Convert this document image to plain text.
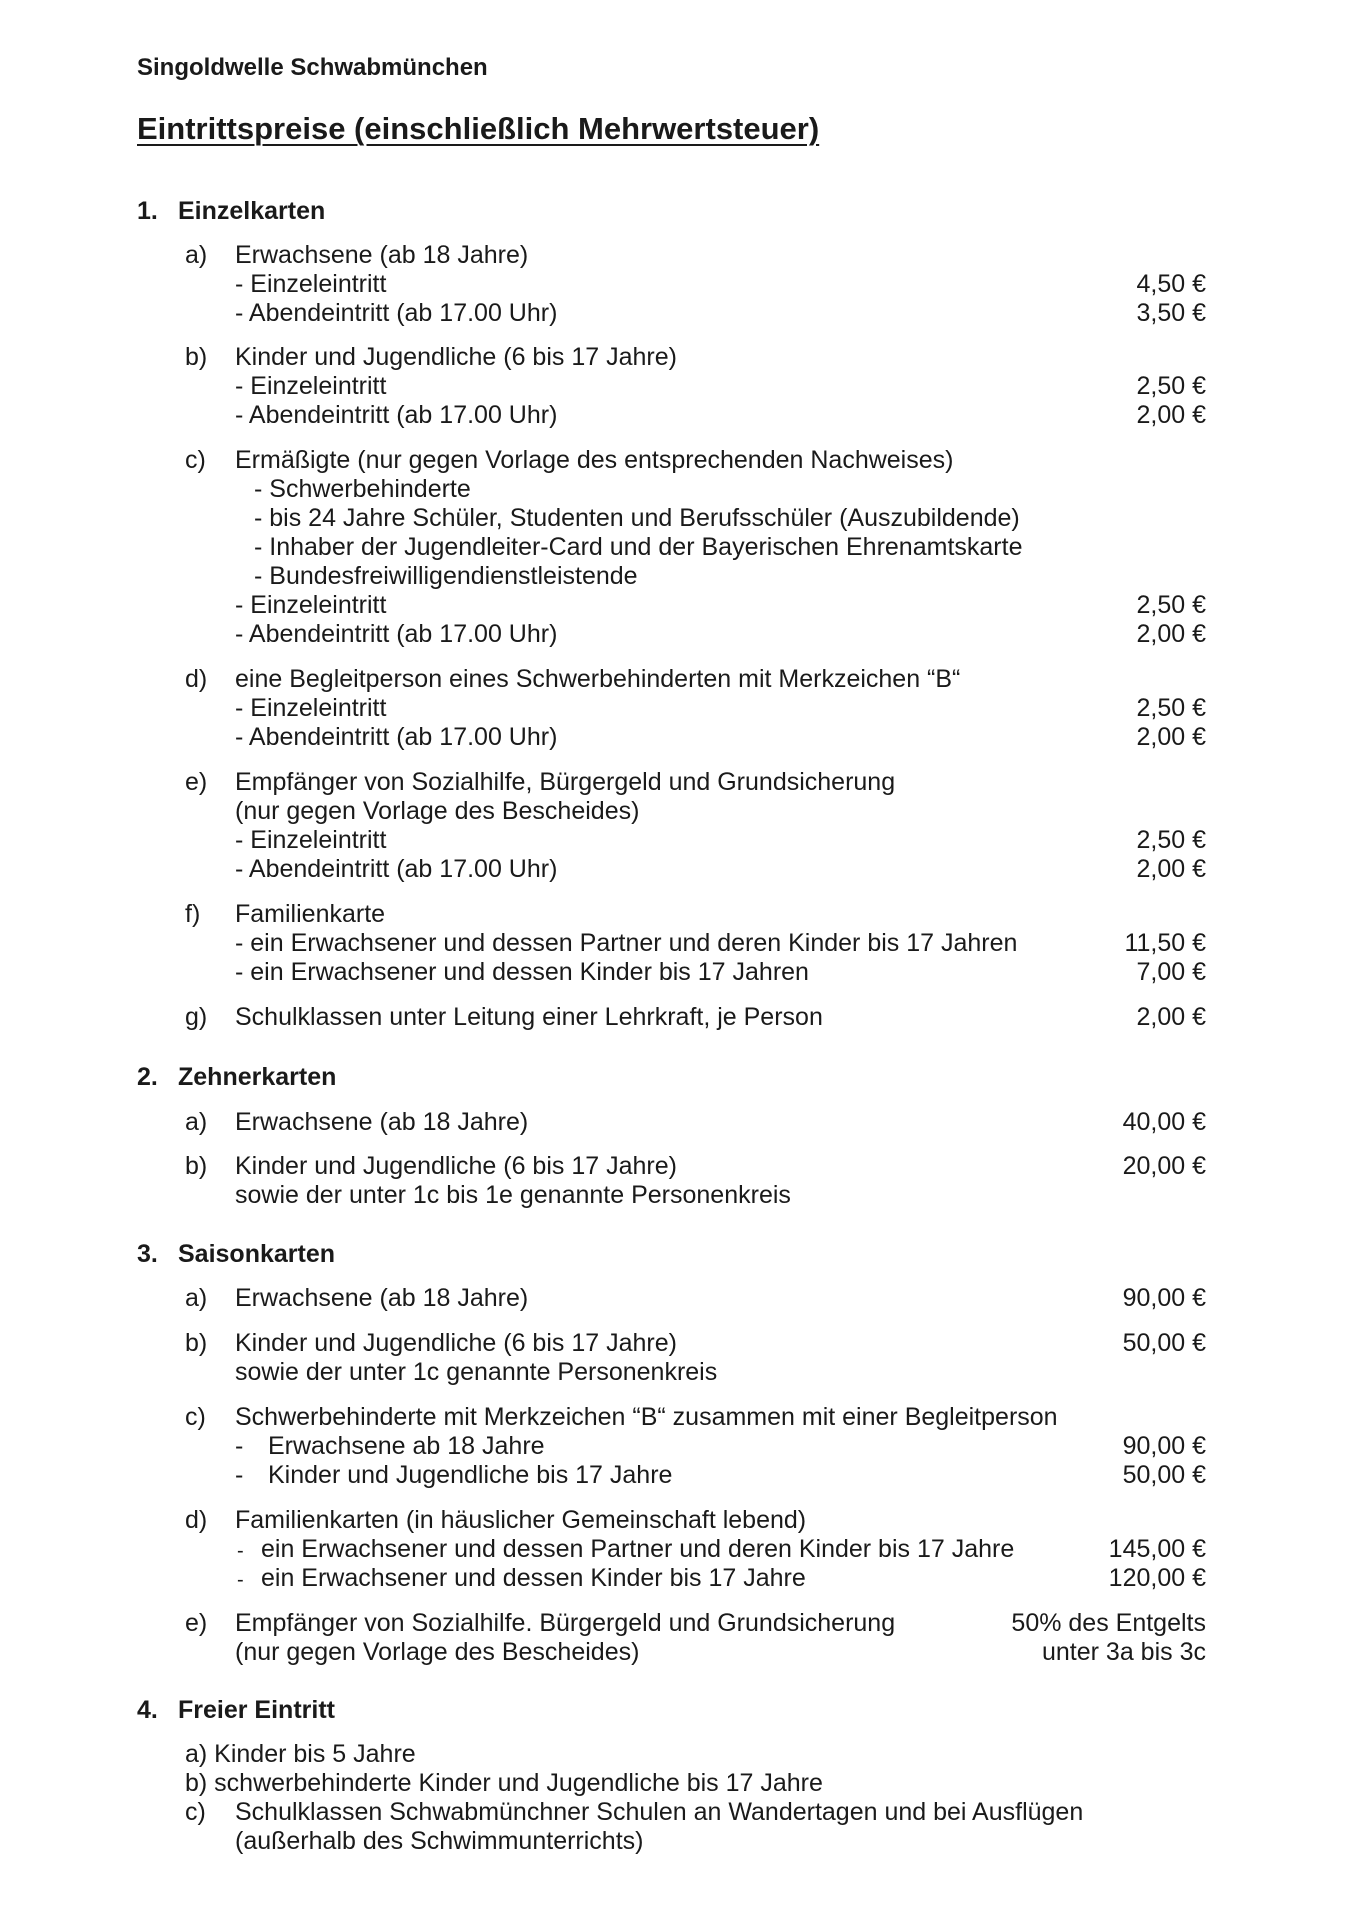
Singoldwelle Schwabmünchen
Eintrittspreise (einschließlich Mehrwertsteuer)
1. Einzelkarten
a) Erwachsene (ab 18 Jahre)
- Einzeleintritt	4,50 €
- Abendeintritt (ab 17.00 Uhr)	3,50 €
b) Kinder und Jugendliche (6 bis 17 Jahre)
- Einzeleintritt	2,50 €
- Abendeintritt (ab 17.00 Uhr)	2,00 €
c) Ermäßigte (nur gegen Vorlage des entsprechenden Nachweises)
- Schwerbehinderte
- bis 24 Jahre Schüler, Studenten und Berufsschüler (Auszubildende)
- Inhaber der Jugendleiter-Card und der Bayerischen Ehrenamtskarte
- Bundesfreiwilligendienstleistende
- Einzeleintritt	2,50 €
- Abendeintritt (ab 17.00 Uhr)	2,00 €
d) eine Begleitperson eines Schwerbehinderten mit Merkzeichen “B“
- Einzeleintritt	2,50 €
- Abendeintritt (ab 17.00 Uhr)	2,00 €
e) Empfänger von Sozialhilfe, Bürgergeld und Grundsicherung
(nur gegen Vorlage des Bescheides)
- Einzeleintritt	2,50 €
- Abendeintritt (ab 17.00 Uhr)	2,00 €
f) Familienkarte
- ein Erwachsener und dessen Partner und deren Kinder bis 17 Jahren	11,50 €
- ein Erwachsener und dessen Kinder bis 17 Jahren	7,00 €
g) Schulklassen unter Leitung einer Lehrkraft, je Person	2,00 €
2. Zehnerkarten
a) Erwachsene (ab 18 Jahre)	40,00 €
b) Kinder und Jugendliche (6 bis 17 Jahre)	20,00 €
sowie der unter 1c bis 1e genannte Personenkreis
3. Saisonkarten
a) Erwachsene (ab 18 Jahre)	90,00 €
b) Kinder und Jugendliche (6 bis 17 Jahre)	50,00 €
sowie der unter 1c genannte Personenkreis
c) Schwerbehinderte mit Merkzeichen “B“ zusammen mit einer Begleitperson
- Erwachsene ab 18 Jahre	90,00 €
- Kinder und Jugendliche bis 17 Jahre	50,00 €
d) Familienkarten (in häuslicher Gemeinschaft lebend)
- ein Erwachsener und dessen Partner und deren Kinder bis 17 Jahre	145,00 €
- ein Erwachsener und dessen Kinder bis 17 Jahre	120,00 €
e) Empfänger von Sozialhilfe. Bürgergeld und Grundsicherung	50% des Entgelts
(nur gegen Vorlage des Bescheides)	unter 3a bis 3c
4. Freier Eintritt
a) Kinder bis 5 Jahre
b) schwerbehinderte Kinder und Jugendliche bis 17 Jahre
c) Schulklassen Schwabmünchner Schulen an Wandertagen und bei Ausflügen
(außerhalb des Schwimmunterrichts)
